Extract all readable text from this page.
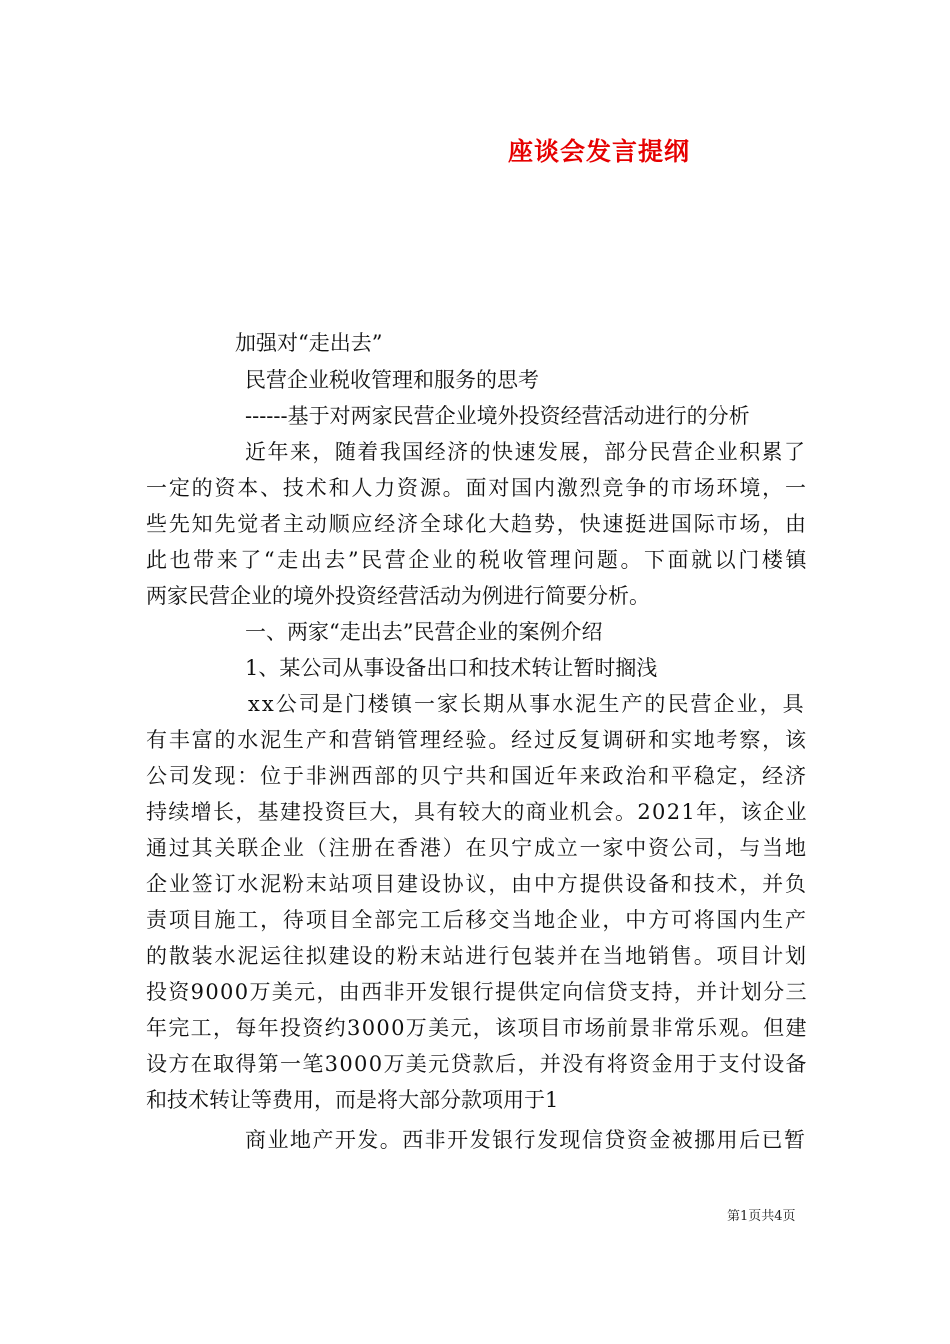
座谈会发言提纲
加强对“走出去”
民营企业税收管理和服务的思考
------基于对两家民营企业境外投资经营活动进行的分析
近年来，随着我国经济的快速发展，部分民营企业积累了
一定的资本、技术和人力资源。面对国内激烈竞争的市场环境，一
些先知先觉者主动顺应经济全球化大趋势，快速挺进国际市场，由
此也带来了“走出去”民营企业的税收管理问题。下面就以门楼镇
两家民营企业的境外投资经营活动为例进行简要分析。
一、两家“走出去”民营企业的案例介绍
1、某公司从事设备出口和技术转让暂时搁浅
xx公司是门楼镇一家长期从事水泥生产的民营企业，具
有丰富的水泥生产和营销管理经验。经过反复调研和实地考察，该
公司发现：位于非洲西部的贝宁共和国近年来政治和平稳定，经济
持续增长，基建投资巨大，具有较大的商业机会。2021年，该企业
通过其关联企业（注册在香港）在贝宁成立一家中资公司，与当地
企业签订水泥粉末站项目建设协议，由中方提供设备和技术，并负
责项目施工，待项目全部完工后移交当地企业，中方可将国内生产
的散装水泥运往拟建设的粉末站进行包装并在当地销售。项目计划
投资9000万美元，由西非开发银行提供定向信贷支持，并计划分三
年完工，每年投资约3000万美元，该项目市场前景非常乐观。但建
设方在取得第一笔3000万美元贷款后，并没有将资金用于支付设备
和技术转让等费用，而是将大部分款项用于1
商业地产开发。西非开发银行发现信贷资金被挪用后已暂
第1页共4页
